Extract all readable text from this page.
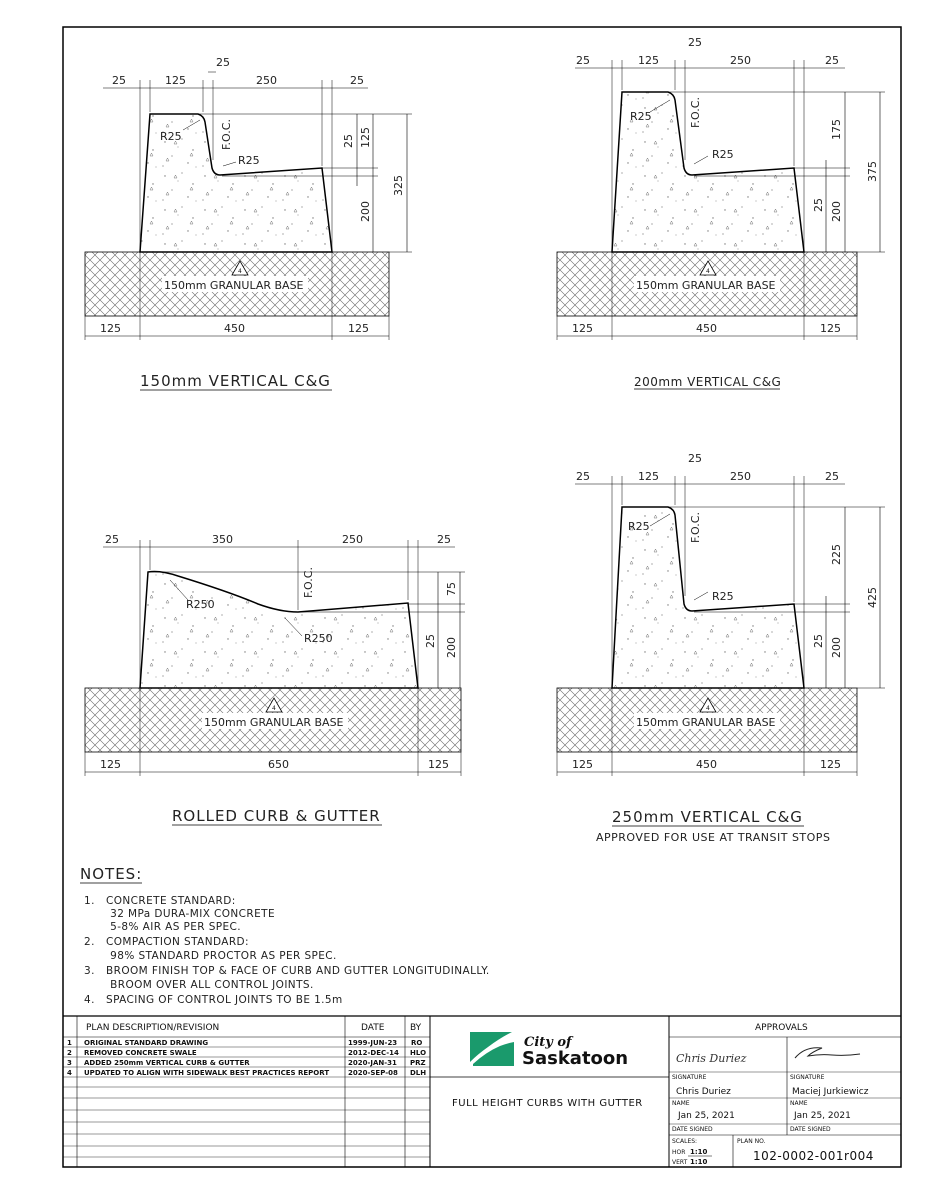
25	125
25
250	25
25 125
200
325
R25
R25
F.O.C.
4
150mm GRANULAR BASE
125	450	125
150mm VERTICAL C&G
25	125
25
250	25
175
25 200
375
R25
R25
F.O.C.
4
150mm GRANULAR BASE
125	450	125
200mm VERTICAL C&G
25	350	250	25
75
25 200
R250
R250
F.O.C.
4
150mm GRANULAR BASE
125	650	125
ROLLED CURB & GUTTER
25	125
25
250	25
225
25 200
425
R25
R25
F.O.C.
4
150mm GRANULAR BASE
125	450	125
250mm VERTICAL C&G
APPROVED FOR USE AT TRANSIT STOPS
NOTES:
1.   CONCRETE STANDARD:
32 MPa DURA-MIX CONCRETE
5-8% AIR AS PER SPEC.
2.   COMPACTION STANDARD:
98% STANDARD PROCTOR AS PER SPEC.
3.   BROOM FINISH TOP & FACE OF CURB AND GUTTER LONGITUDINALLY.
BROOM OVER ALL CONTROL JOINTS.
4.   SPACING OF CONTROL JOINTS TO BE 1.5m
PLAN DESCRIPTION/REVISION	DATE	BY
1 ORIGINAL STANDARD DRAWING	1999-JUN-23 RO
2 REMOVED CONCRETE SWALE	2012-DEC-14 HLO
3 ADDED 250mm VERTICAL CURB & GUTTER	2020-JAN-31 PRZ
4 UPDATED TO ALIGN WITH SIDEWALK BEST PRACTICES REPORT	2020-SEP-08 DLH
City of
Saskatoon
FULL HEIGHT CURBS WITH GUTTER
APPROVALS
Chris Duriez
SIGNATURE	SIGNATURE
Chris Duriez	Maciej Jurkiewicz
NAME	NAME
Jan 25, 2021	Jan 25, 2021
DATE SIGNED	DATE SIGNED
SCALES:
HOR 1:10
VERT 1:10
PLAN NO.
102-0002-001r004
